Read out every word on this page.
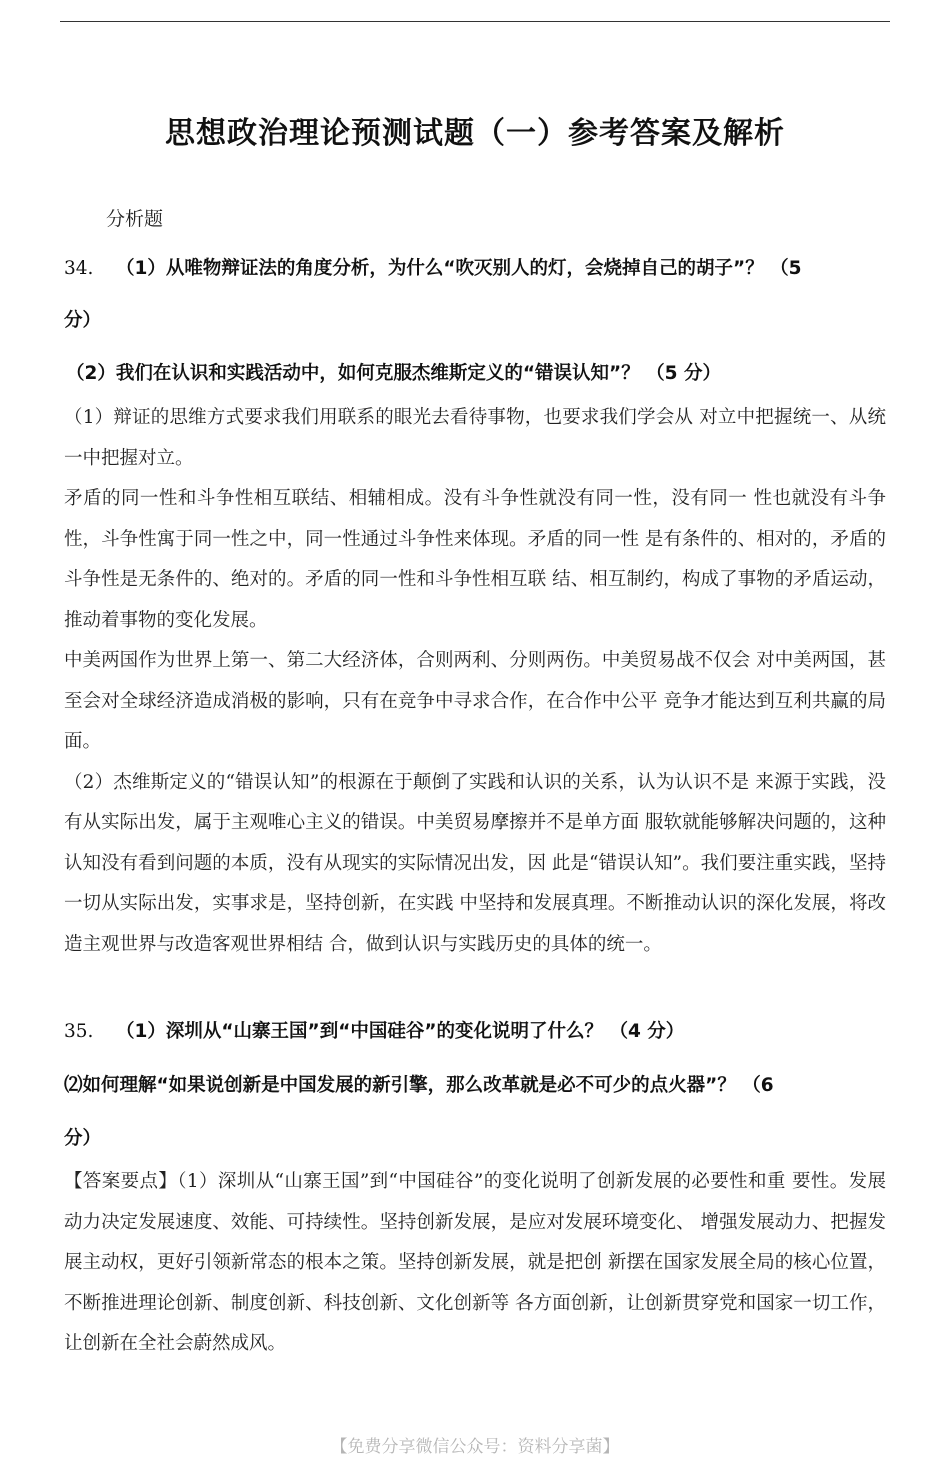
思想政治理论预测试题（一）参考答案及解析
分析题
34. （1）从唯物辩证法的角度分析，为什么“吹灭别人的灯，会烧掉自己的胡子”？ （5
分）
（2）我们在认识和实践活动中，如何克服杰维斯定义的“错误认知”？ （5 分）

（1）辩证的思维方式要求我们用联系的眼光去看待事物，也要求我们学会从 对立中把握统一、从统一中把握对立。

矛盾的同一性和斗争性相互联结、相辅相成。没有斗争性就没有同一性，没有同一 性也就没有斗争性，斗争性寓于同一性之中，同一性通过斗争性来体现。矛盾的同一性 是有条件的、相对的，矛盾的斗争性是无条件的、绝对的。矛盾的同一性和斗争性相互联 结、相互制约，构成了事物的矛盾运动，推动着事物的变化发展。

中美两国作为世界上第一、第二大经济体，合则两利、分则两伤。中美贸易战不仅会 对中美两国，甚至会对全球经济造成消极的影响，只有在竞争中寻求合作，在合作中公平 竞争才能达到互利共赢的局面。

（2）杰维斯定义的“错误认知”的根源在于颠倒了实践和认识的关系，认为认识不是 来源于实践，没有从实际出发，属于主观唯心主义的错误。中美贸易摩擦并不是单方面 服软就能够解决问题的，这种认知没有看到问题的本质，没有从现实的实际情况出发，因 此是“错误认知”。我们要注重实践，坚持一切从实际出发，实事求是，坚持创新，在实践 中坚持和发展真理。不断推动认识的深化发展，将改造主观世界与改造客观世界相结 合，做到认识与实践历史的具体的统一。

35. （1）深圳从“山寨王国”到“中国硅谷”的变化说明了什么？ （4 分）
⑵如何理解“如果说创新是中国发展的新引擎，那么改革就是必不可少的点火器”？ （6
分）

【答案要点】（1）深圳从“山寨王国”到“中国硅谷”的变化说明了创新发展的必要性和重 要性。发展动力决定发展速度、效能、可持续性。坚持创新发展，是应对发展环境变化、 增强发展动力、把握发展主动权，更好引领新常态的根本之策。坚持创新发展，就是把创 新摆在国家发展全局的核心位置，不断推进理论创新、制度创新、科技创新、文化创新等 各方面创新，让创新贯穿党和国家一切工作，让创新在全社会蔚然成风。

【免费分享微信公众号：资料分享菌】
